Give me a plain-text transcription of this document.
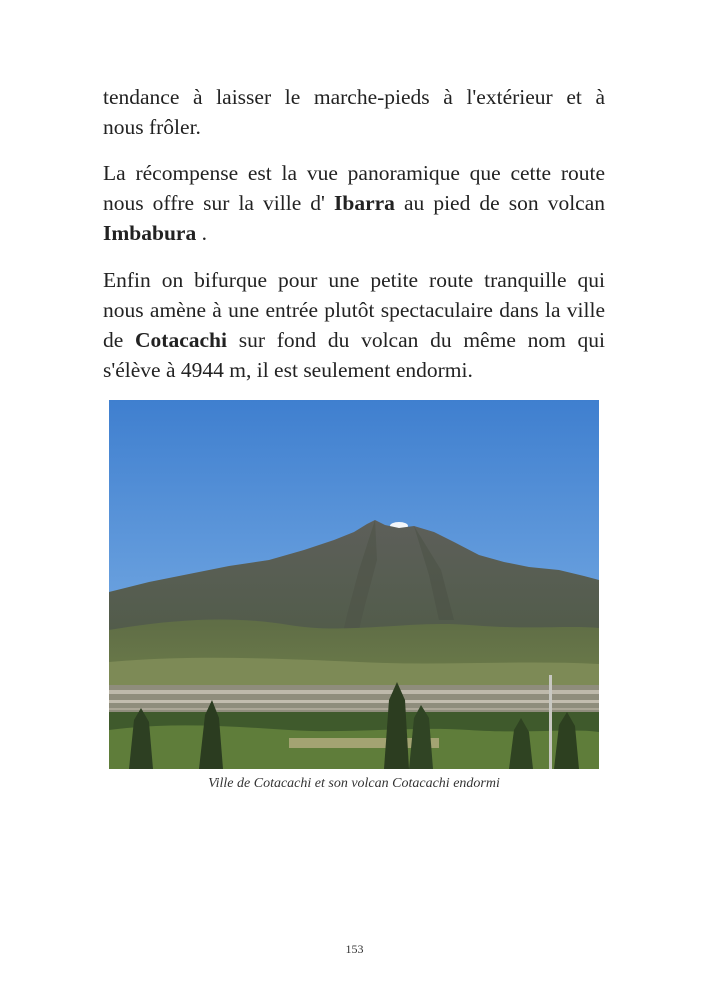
tendance à laisser le marche-pieds à l'extérieur et à
nous frôler.

La récompense est la vue panoramique que cette route nous offre sur la ville d' Ibarra au pied de son volcan Imbabura .

Enfin on bifurque pour une petite route tranquille qui nous amène à une entrée plutôt spectaculaire dans la ville de Cotacachi sur fond du volcan du même nom qui s'élève à 4944 m, il est seulement endormi.

Ville de Cotacachi et son volcan Cotacachi endormi
153
